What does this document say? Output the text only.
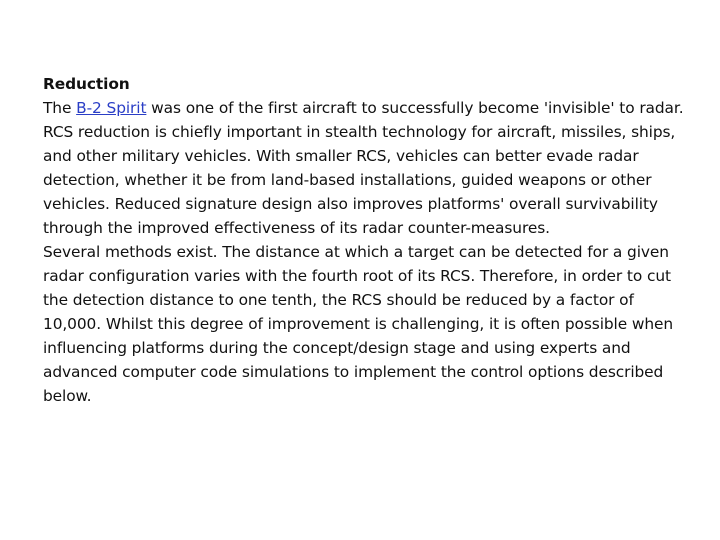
Reduction

The B-2 Spirit was one of the first aircraft to successfully become 'invisible' to radar.

RCS reduction is chiefly important in stealth technology for aircraft, missiles, ships, and other military vehicles. With smaller RCS, vehicles can better evade radar detection, whether it be from land-based installations, guided weapons or other vehicles. Reduced signature design also improves platforms' overall survivability through the improved effectiveness of its radar counter-measures.

Several methods exist. The distance at which a target can be detected for a given radar configuration varies with the fourth root of its RCS. Therefore, in order to cut the detection distance to one tenth, the RCS should be reduced by a factor of 10,000. Whilst this degree of improvement is challenging, it is often possible when influencing platforms during the concept/design stage and using experts and advanced computer code simulations to implement the control options described below.
